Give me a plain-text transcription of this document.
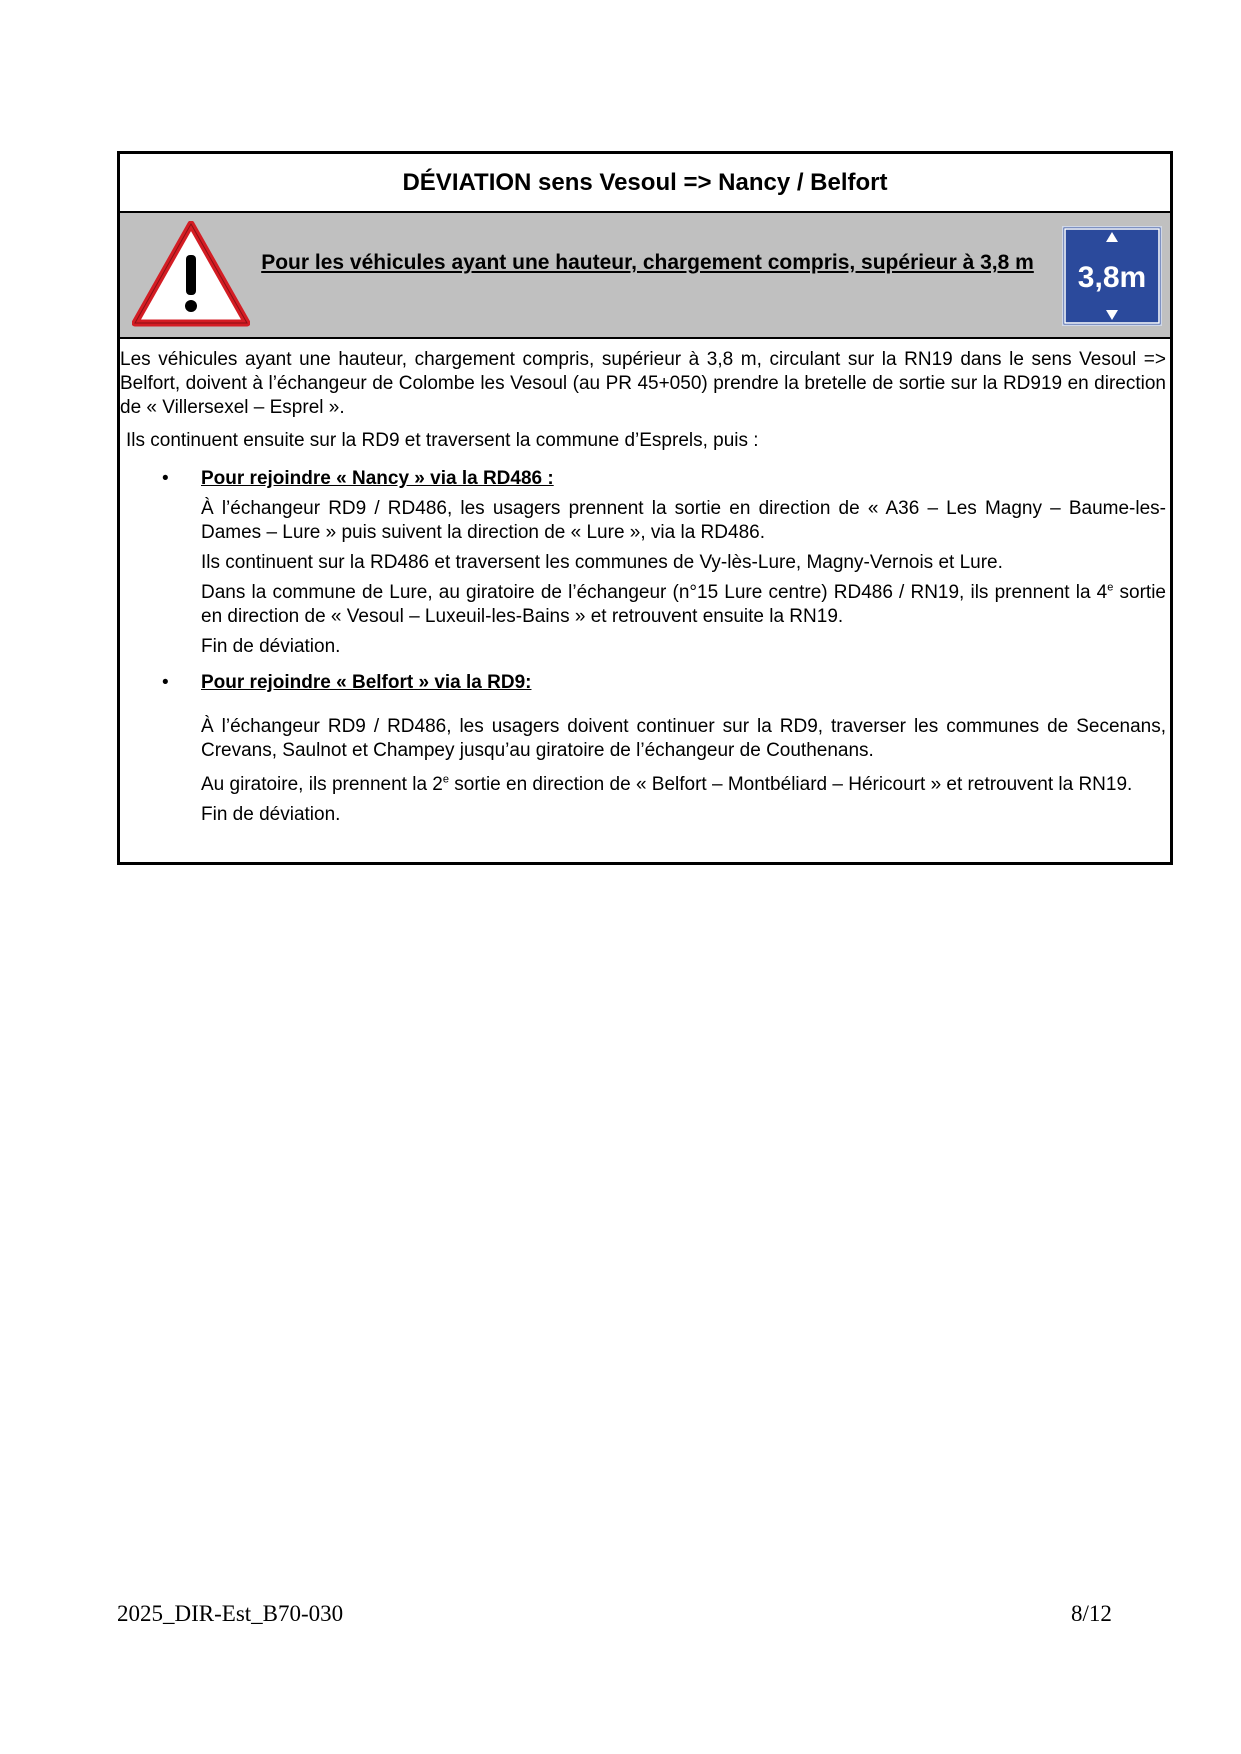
DÉVIATION sens Vesoul => Nancy / Belfort
Pour les véhicules ayant une hauteur, chargement compris, supérieur à 3,8 m 3,8m

Les véhicules ayant une hauteur, chargement compris, supérieur à 3,8 m, circulant sur la RN19 dans le sens Vesoul => Belfort, doivent à l’échangeur de Colombe les Vesoul (au PR 45+050) prendre la bretelle de sortie sur la RD919 en direction de « Villersexel – Esprel ».

Ils continuent ensuite sur la RD9 et traversent la commune d’Esprels, puis :

• Pour rejoindre « Nancy » via la RD486 :

À l’échangeur RD9 / RD486, les usagers prennent la sortie en direction de « A36 – Les Magny – Baume-les-Dames – Lure » puis suivent la direction de « Lure », via la RD486.

Ils continuent sur la RD486 et traversent les communes de Vy-lès-Lure, Magny-Vernois et Lure.

Dans la commune de Lure, au giratoire de l’échangeur (n°15 Lure centre) RD486 / RN19, ils prennent la 4e sortie en direction de « Vesoul – Luxeuil-les-Bains » et retrouvent ensuite la RN19.

Fin de déviation.

• Pour rejoindre « Belfort » via la RD9:

À l’échangeur RD9 / RD486, les usagers doivent continuer sur la RD9, traverser les communes de Secenans, Crevans, Saulnot et Champey jusqu’au giratoire de l’échangeur de Couthenans.

Au giratoire, ils prennent la 2e sortie en direction de « Belfort – Montbéliard – Héricourt » et retrouvent la RN19.

Fin de déviation.

2025_DIR-Est_B70-030	8/12
